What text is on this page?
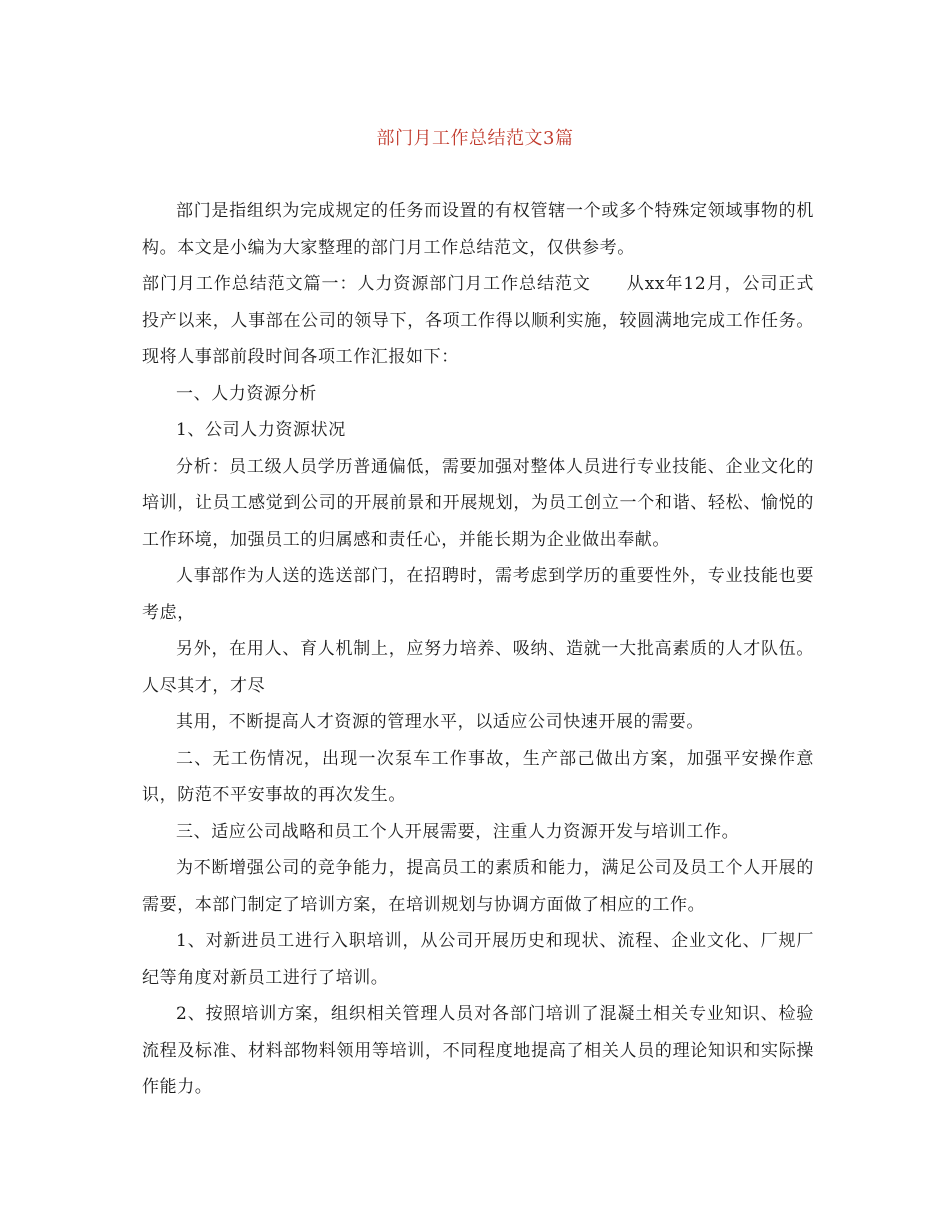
部门月工作总结范文3篇

部门是指组织为完成规定的任务而设置的有权管辖一个或多个特殊定领域事物的机构。本文是小编为大家整理的部门月工作总结范文，仅供参考。

部门月工作总结范文篇一：人力资源部门月工作总结范文　　从xx年12月，公司正式投产以来，人事部在公司的领导下，各项工作得以顺利实施，较圆满地完成工作任务。现将人事部前段时间各项工作汇报如下：

一、人力资源分析

1、公司人力资源状况

分析：员工级人员学历普通偏低，需要加强对整体人员进行专业技能、企业文化的培训，让员工感觉到公司的开展前景和开展规划，为员工创立一个和谐、轻松、愉悦的工作环境，加强员工的归属感和责任心，并能长期为企业做出奉献。

人事部作为人送的选送部门，在招聘时，需考虑到学历的重要性外，专业技能也要考虑，

另外，在用人、育人机制上，应努力培养、吸纳、造就一大批高素质的人才队伍。人尽其才，才尽

其用，不断提高人才资源的管理水平，以适应公司快速开展的需要。

二、无工伤情况，出现一次泵车工作事故，生产部己做出方案，加强平安操作意识，防范不平安事故的再次发生。

三、适应公司战略和员工个人开展需要，注重人力资源开发与培训工作。

为不断增强公司的竞争能力，提高员工的素质和能力，满足公司及员工个人开展的需要，本部门制定了培训方案，在培训规划与协调方面做了相应的工作。

1、对新进员工进行入职培训，从公司开展历史和现状、流程、企业文化、厂规厂纪等角度对新员工进行了培训。

2、按照培训方案，组织相关管理人员对各部门培训了混凝土相关专业知识、检验流程及标准、材料部物料领用等培训，不同程度地提高了相关人员的理论知识和实际操作能力。
